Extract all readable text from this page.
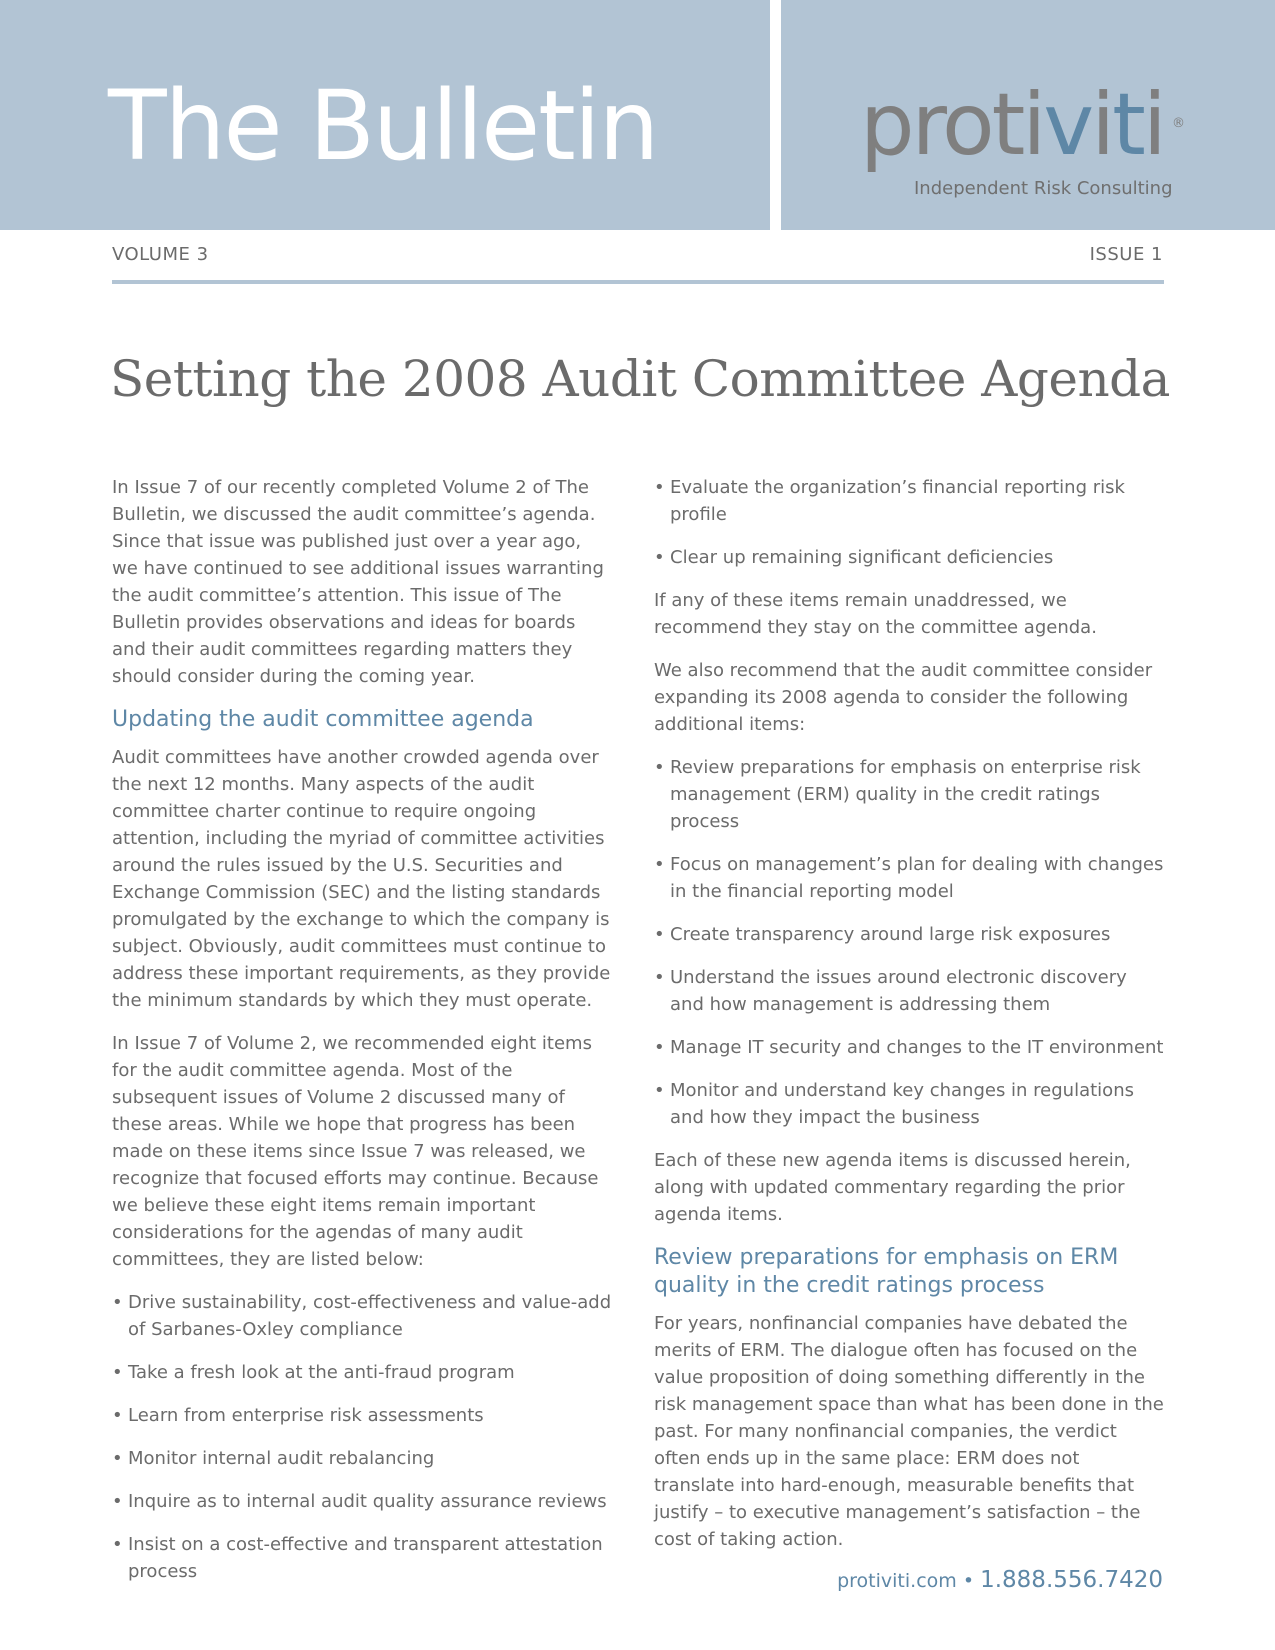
The Bulletin protiviti ®
Independent Risk Consulting
VOLUME 3	ISSUE 1
Setting the 2008 Audit Committee Agenda

In Issue 7 of our recently completed Volume 2 of The Bulletin, we discussed the audit committee’s agenda. Since that issue was published just over a year ago, we have continued to see additional issues warranting the audit committee’s attention. This issue of The Bulletin provides observations and ideas for boards and their audit committees regarding matters they should consider during the coming year.

Updating the audit committee agenda

Audit committees have another crowded agenda over the next 12 months. Many aspects of the audit committee charter continue to require ongoing attention, including the myriad of committee activities around the rules issued by the U.S. Securities and Exchange Commission (SEC) and the listing standards promulgated by the exchange to which the company is subject. Obviously, audit committees must continue to address these important requirements, as they provide the minimum standards by which they must operate.

In Issue 7 of Volume 2, we recommended eight items for the audit committee agenda. Most of the subsequent issues of Volume 2 discussed many of these areas. While we hope that progress has been made on these items since Issue 7 was released, we recognize that focused efforts may continue. Because we believe these eight items remain important considerations for the agendas of many audit committees, they are listed below:

• Drive sustainability, cost-effectiveness and value-add of Sarbanes-Oxley compliance
• Take a fresh look at the anti-fraud program
• Learn from enterprise risk assessments
• Monitor internal audit rebalancing
• Inquire as to internal audit quality assurance reviews
• Insist on a cost-effective and transparent attestation process
• Evaluate the organization’s financial reporting risk profile
• Clear up remaining significant deficiencies

If any of these items remain unaddressed, we recommend they stay on the committee agenda.

We also recommend that the audit committee consider expanding its 2008 agenda to consider the following additional items:

• Review preparations for emphasis on enterprise risk management (ERM) quality in the credit ratings process
• Focus on management’s plan for dealing with changes in the financial reporting model
• Create transparency around large risk exposures
• Understand the issues around electronic discovery and how management is addressing them
• Manage IT security and changes to the IT environment
• Monitor and understand key changes in regulations and how they impact the business

Each of these new agenda items is discussed herein, along with updated commentary regarding the prior agenda items.

Review preparations for emphasis on ERM quality in the credit ratings process

For years, nonfinancial companies have debated the merits of ERM. The dialogue often has focused on the value proposition of doing something differently in the risk management space than what has been done in the past. For many nonfinancial companies, the verdict often ends up in the same place: ERM does not translate into hard-enough, measurable benefits that justify – to executive management’s satisfaction – the cost of taking action.

protiviti.com • 1.888.556.7420
